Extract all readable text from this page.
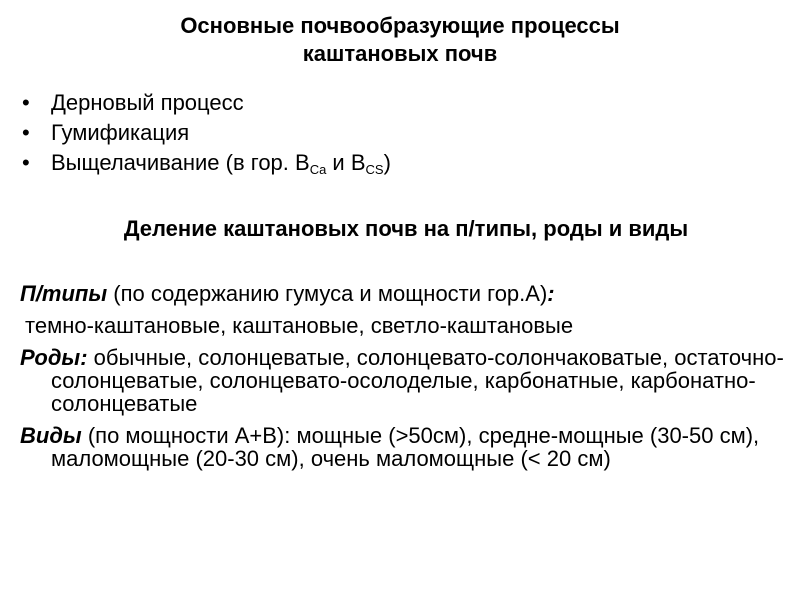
Основные почвообразующие процессы
каштановых почв
• Дерновый процесс
• Гумификация
• Выщелачивание (в гор. $B_{Ca}$ и $B_{CS}$)
Деление каштановых почв на п/типы, роды и виды

П/типы (по содержанию гумуса и мощности гор.А):

темно-каштановые, каштановые, светло-каштановые

Роды: обычные, солонцеватые, солонцевато-солончаковатые, остаточно-солонцеватые, солонцевато-осолоделые, карбонатные, карбонатно-солонцеватые

Виды (по мощности А+В): мощные (>50см), средне-мощные (30-50 см), маломощные (20-30 см), очень маломощные (< 20 см)
